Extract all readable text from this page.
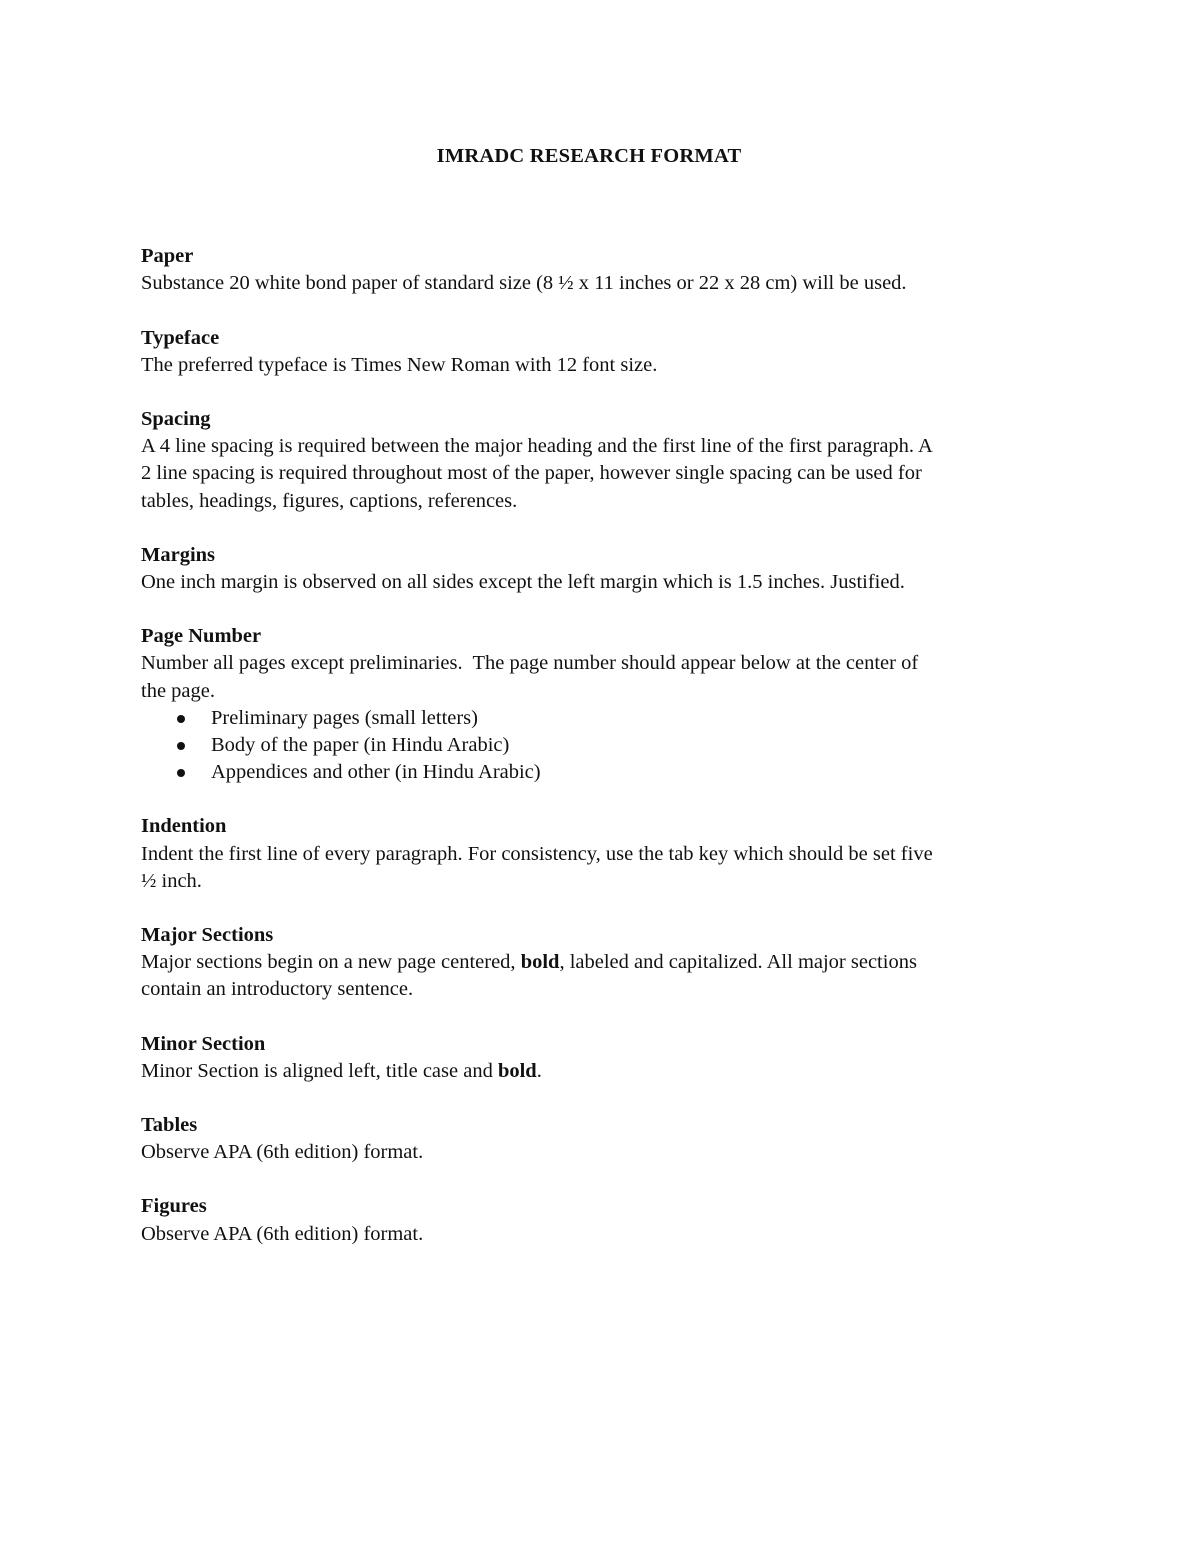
IMRADC RESEARCH FORMAT
Paper
Substance 20 white bond paper of standard size (8 ½ x 11 inches or 22 x 28 cm) will be used.
Typeface
The preferred typeface is Times New Roman with 12 font size.
Spacing
A 4 line spacing is required between the major heading and the first line of the first paragraph. A
2 line spacing is required throughout most of the paper, however single spacing can be used for
tables, headings, figures, captions, references.
Margins
One inch margin is observed on all sides except the left margin which is 1.5 inches. Justified.
Page Number
Number all pages except preliminaries.  The page number should appear below at the center of
the page.
Preliminary pages (small letters)
Body of the paper (in Hindu Arabic)
Appendices and other (in Hindu Arabic)
Indention
Indent the first line of every paragraph. For consistency, use the tab key which should be set five
½ inch.
Major Sections
Major sections begin on a new page centered, bold, labeled and capitalized. All major sections
contain an introductory sentence.
Minor Section
Minor Section is aligned left, title case and bold.
Tables
Observe APA (6th edition) format.
Figures
Observe APA (6th edition) format.
